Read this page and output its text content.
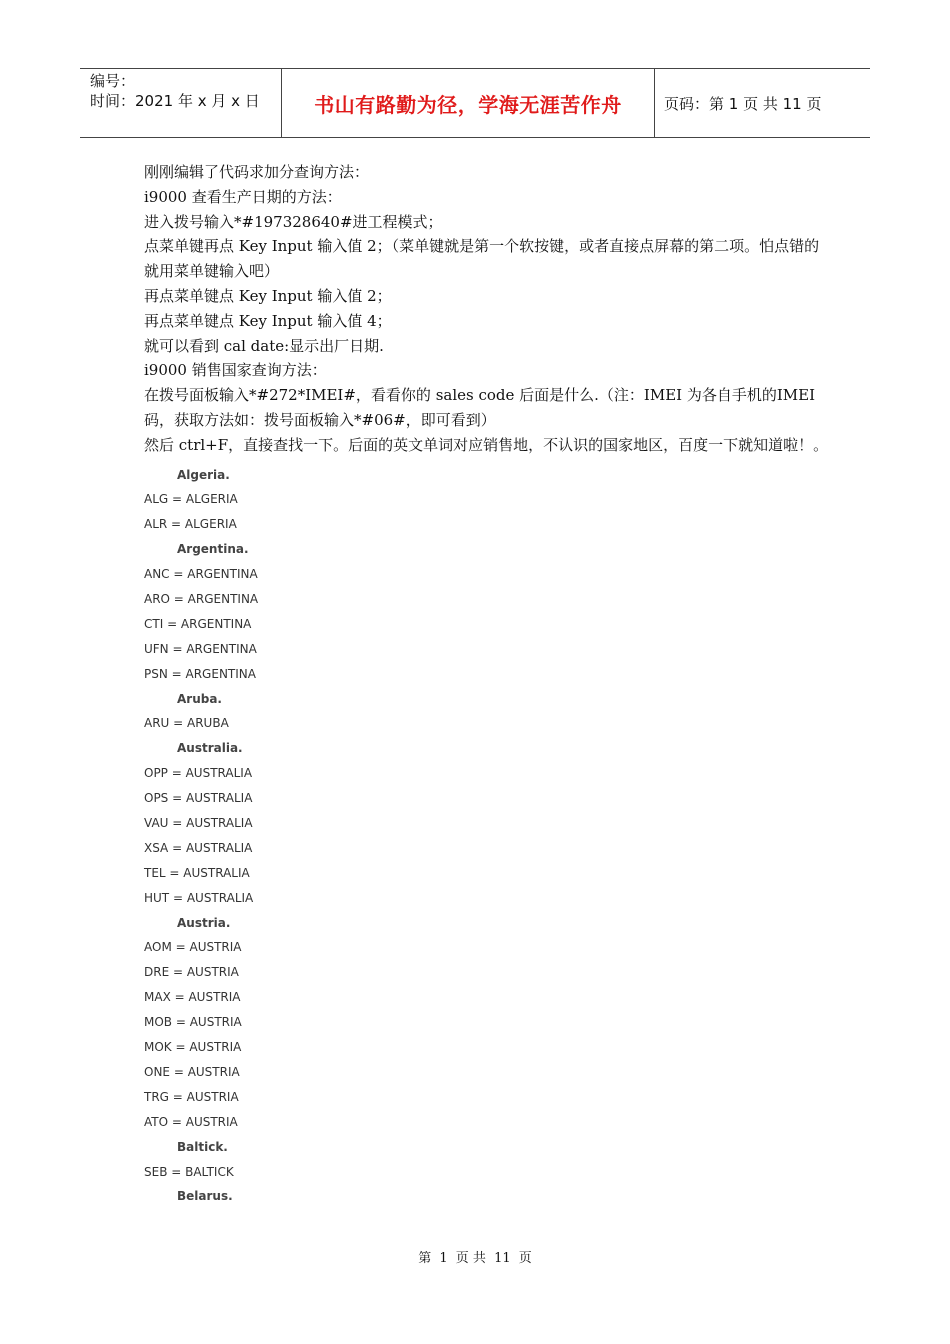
编号：
时间：2021 年 x 月 x 日	书山有路勤为径，学海无涯苦作舟	页码：第 1 页 共 11 页

刚刚编辑了代码求加分查询方法：

i9000 查看生产日期的方法：

进入拨号输入*#197328640#进工程模式；

点菜单键再点 Key Input 输入值 2；（菜单键就是第一个软按键，或者直接点屏幕的第二项。怕点错的就用菜单键输入吧）

再点菜单键点 Key Input 输入值 2；

再点菜单键点 Key Input 输入值 4；

就可以看到 cal date:显示出厂日期.

i9000 销售国家查询方法：

在拨号面板输入*#272*IMEI#，看看你的 sales code 后面是什么.（注：IMEI 为各自手机的IMEI 码，获取方法如：拨号面板输入*#06#，即可看到）

然后 ctrl+F，直接查找一下。后面的英文单词对应销售地，不认识的国家地区，百度一下就知道啦！。

Algeria.
ALG = ALGERIA
ALR = ALGERIA
Argentina.
ANC = ARGENTINA
ARO = ARGENTINA
CTI = ARGENTINA
UFN = ARGENTINA
PSN = ARGENTINA
Aruba.
ARU = ARUBA
Australia.
OPP = AUSTRALIA
OPS = AUSTRALIA
VAU = AUSTRALIA
XSA = AUSTRALIA
TEL = AUSTRALIA
HUT = AUSTRALIA
Austria.
AOM = AUSTRIA
DRE = AUSTRIA
MAX = AUSTRIA
MOB = AUSTRIA
MOK = AUSTRIA
ONE = AUSTRIA
TRG = AUSTRIA
ATO = AUSTRIA
Baltick.
SEB = BALTICK
Belarus.
第 1 页 共 11 页
